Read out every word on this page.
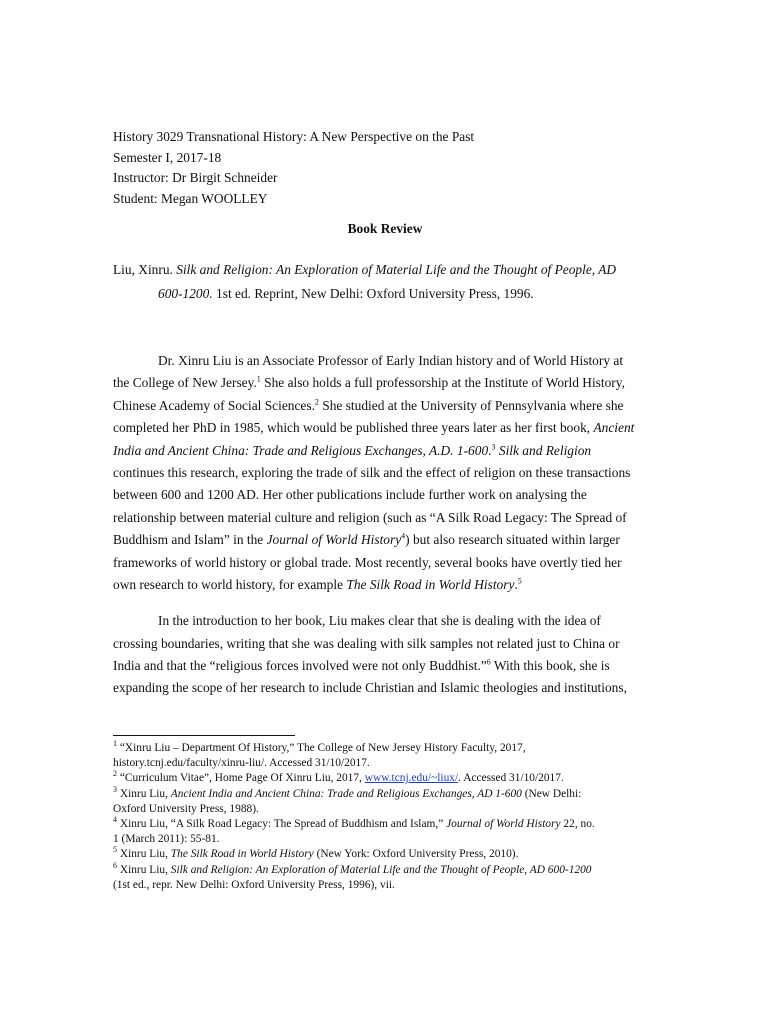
History 3029 Transnational History: A New Perspective on the Past
Semester I, 2017-18
Instructor: Dr Birgit Schneider
Student: Megan WOOLLEY
Book Review
Liu, Xinru. Silk and Religion: An Exploration of Material Life and the Thought of People, AD
600-1200. 1st ed. Reprint, New Delhi: Oxford University Press, 1996.
Dr. Xinru Liu is an Associate Professor of Early Indian history and of World History at
the College of New Jersey.$^1$ She also holds a full professorship at the Institute of World History,
Chinese Academy of Social Sciences.$^2$ She studied at the University of Pennsylvania where she
completed her PhD in 1985, which would be published three years later as her first book, Ancient
India and Ancient China: Trade and Religious Exchanges, A.D. 1-600.$^3$ Silk and Religion
continues this research, exploring the trade of silk and the effect of religion on these transactions
between 600 and 1200 AD. Her other publications include further work on analysing the
relationship between material culture and religion (such as “A Silk Road Legacy: The Spread of
Buddhism and Islam” in the Journal of World History$^4$) but also research situated within larger
frameworks of world history or global trade. Most recently, several books have overtly tied her
own research to world history, for example The Silk Road in World History.$^5$
In the introduction to her book, Liu makes clear that she is dealing with the idea of
crossing boundaries, writing that she was dealing with silk samples not related just to China or
India and that the “religious forces involved were not only Buddhist.”$^6$ With this book, she is
expanding the scope of her research to include Christian and Islamic theologies and institutions,
$^1$ “Xinru Liu – Department Of History,” The College of New Jersey History Faculty, 2017,
history.tcnj.edu/faculty/xinru-liu/. Accessed 31/10/2017.
$^2$ “Curriculum Vitae”, Home Page Of Xinru Liu, 2017, www.tcnj.edu/~liux/. Accessed 31/10/2017.
$^3$ Xinru Liu, Ancient India and Ancient China: Trade and Religious Exchanges, AD 1-600 (New Delhi:
Oxford University Press, 1988).
$^4$ Xinru Liu, “A Silk Road Legacy: The Spread of Buddhism and Islam,” Journal of World History 22, no.
1 (March 2011): 55-81.
$^5$ Xinru Liu, The Silk Road in World History (New York: Oxford University Press, 2010).
$^6$ Xinru Liu, Silk and Religion: An Exploration of Material Life and the Thought of People, AD 600-1200
(1st ed., repr. New Delhi: Oxford University Press, 1996), vii.
